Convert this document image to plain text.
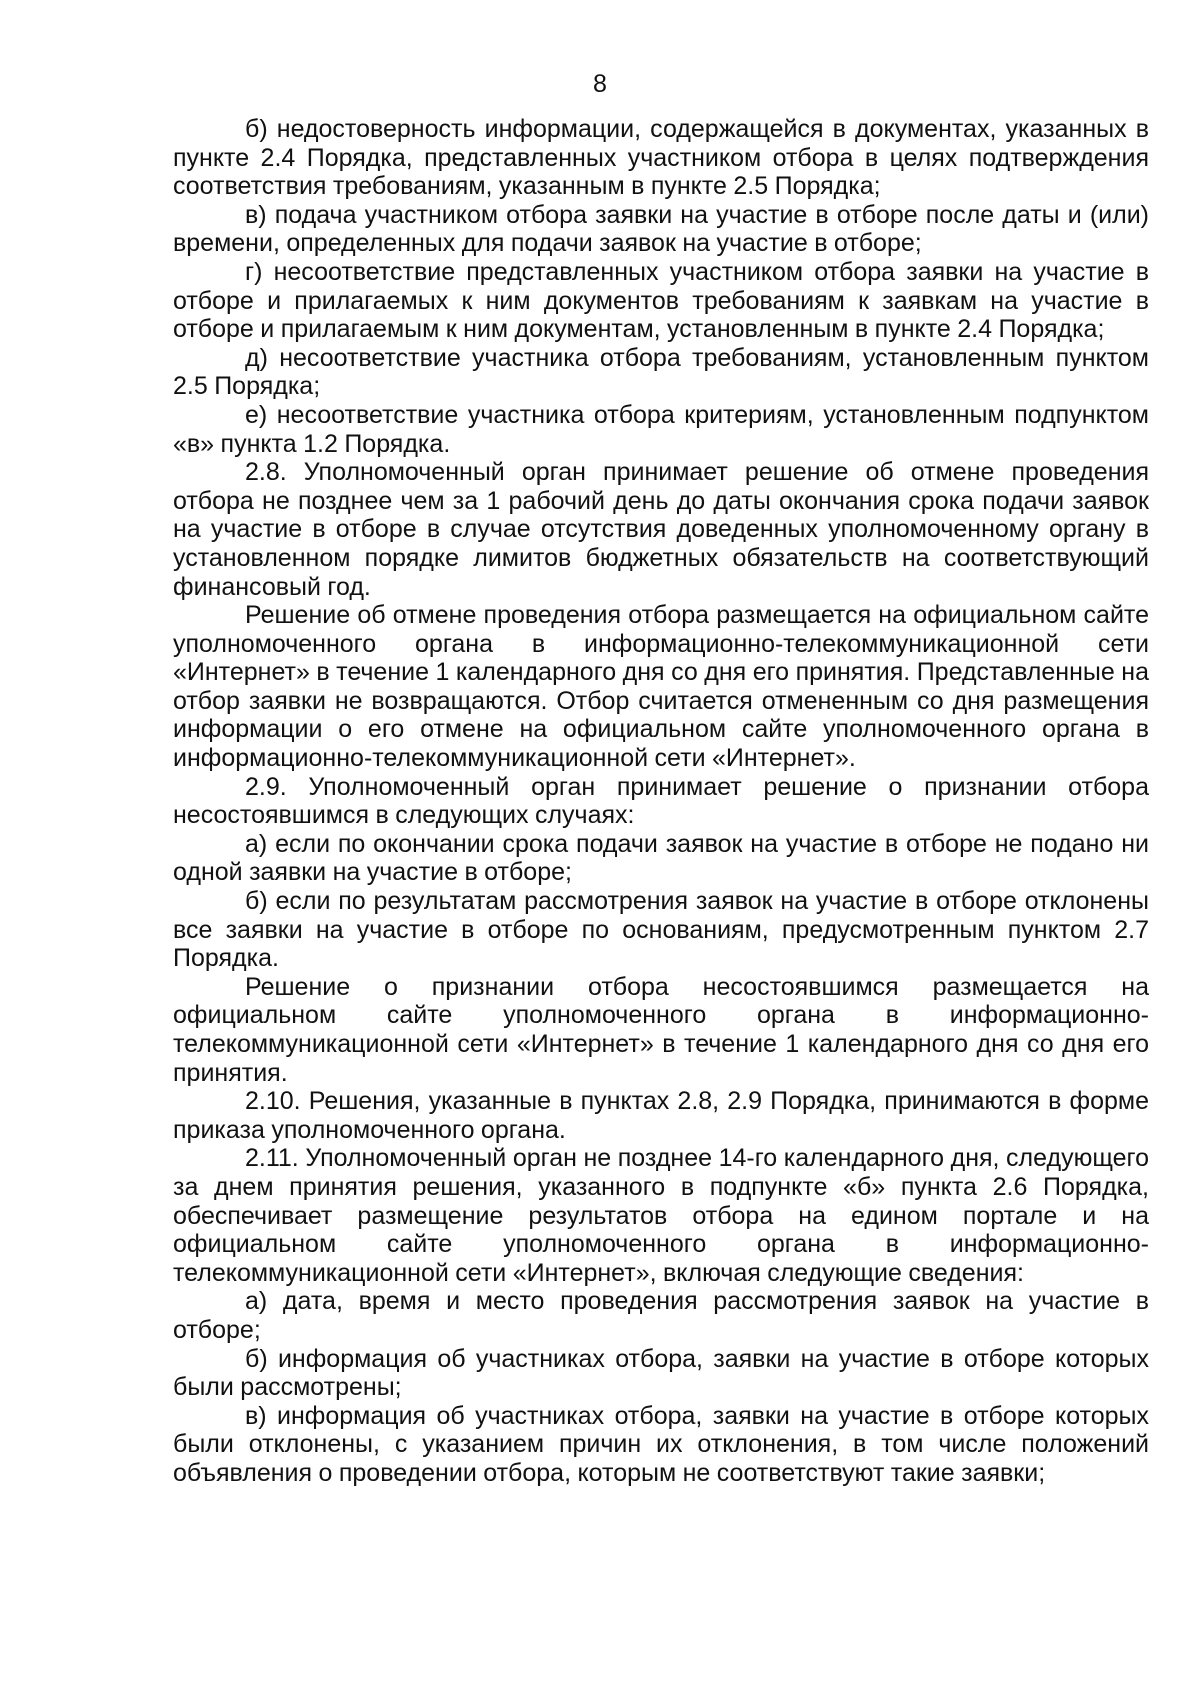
8

б) недостоверность информации, содержащейся в документах, указанных в пункте 2.4 Порядка, представленных участником отбора в целях подтверждения соответствия требованиям, указанным в пункте 2.5 Порядка;

в) подача участником отбора заявки на участие в отборе после даты и (или) времени, определенных для подачи заявок на участие в отборе;

г) несоответствие представленных участником отбора заявки на участие в отборе и прилагаемых к ним документов требованиям к заявкам на участие в отборе и прилагаемым к ним документам, установленным в пункте 2.4 Порядка;

д) несоответствие участника отбора требованиям, установленным пунктом 2.5 Порядка;

е) несоответствие участника отбора критериям, установленным подпунктом «в» пункта 1.2 Порядка.

2.8. Уполномоченный орган принимает решение об отмене проведения отбора не позднее чем за 1 рабочий день до даты окончания срока подачи заявок на участие в отборе в случае отсутствия доведенных уполномоченному органу в установленном порядке лимитов бюджетных обязательств на соответствующий финансовый год.

Решение об отмене проведения отбора размещается на официальном сайте уполномоченного органа в информационно-телекоммуникационной сети «Интернет» в течение 1 календарного дня со дня его принятия. Представленные на отбор заявки не возвращаются. Отбор считается отмененным со дня размещения информации о его отмене на официальном сайте уполномоченного органа в информационно-телекоммуникационной сети «Интернет».

2.9. Уполномоченный орган принимает решение о признании отбора несостоявшимся в следующих случаях:

а) если по окончании срока подачи заявок на участие в отборе не подано ни одной заявки на участие в отборе;

б) если по результатам рассмотрения заявок на участие в отборе отклонены все заявки на участие в отборе по основаниям, предусмотренным пунктом 2.7 Порядка.

Решение о признании отбора несостоявшимся размещается на официальном сайте уполномоченного органа в информационно-телекоммуникационной сети «Интернет» в течение 1 календарного дня со дня его принятия.

2.10. Решения, указанные в пунктах 2.8, 2.9 Порядка, принимаются в форме приказа уполномоченного органа.

2.11. Уполномоченный орган не позднее 14-го календарного дня, следующего за днем принятия решения, указанного в подпункте «б» пункта 2.6 Порядка, обеспечивает размещение результатов отбора на едином портале и на официальном сайте уполномоченного органа в информационно-телекоммуникационной сети «Интернет», включая следующие сведения:

а) дата, время и место проведения рассмотрения заявок на участие в отборе;

б) информация об участниках отбора, заявки на участие в отборе которых были рассмотрены;

в) информация об участниках отбора, заявки на участие в отборе которых были отклонены, с указанием причин их отклонения, в том числе положений объявления о проведении отбора, которым не соответствуют такие заявки;
